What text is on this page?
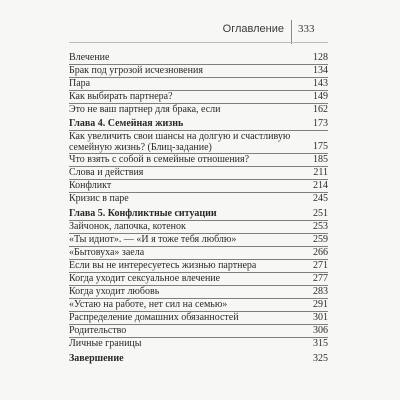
Оглавление 333
Влечение	128
Брак под угрозой исчезновения	134
Пара	143
Как выбирать партнера?	149
Это не ваш партнер для брака, если	162
Глава 4. Семейная жизнь	173
Как увеличить свои шансы на долгую и счастливую семейную жизнь? (Блиц-задание)	175
Что взять с собой в семейные отношения?	185
Слова и действия	211
Конфликт	214
Кризис в паре	245
Глава 5. Конфликтные ситуации	251
Зайчонок, лапочка, котенок	253
«Ты идиот». — «И я тоже тебя люблю»	259
«Бытовуха» заела	266
Если вы не интересуетесь жизнью партнера	271
Когда уходит сексуальное влечение	277
Когда уходит любовь	283
«Устаю на работе, нет сил на семью»	291
Распределение домашних обязанностей	301
Родительство	306
Личные границы	315
Завершение	325
